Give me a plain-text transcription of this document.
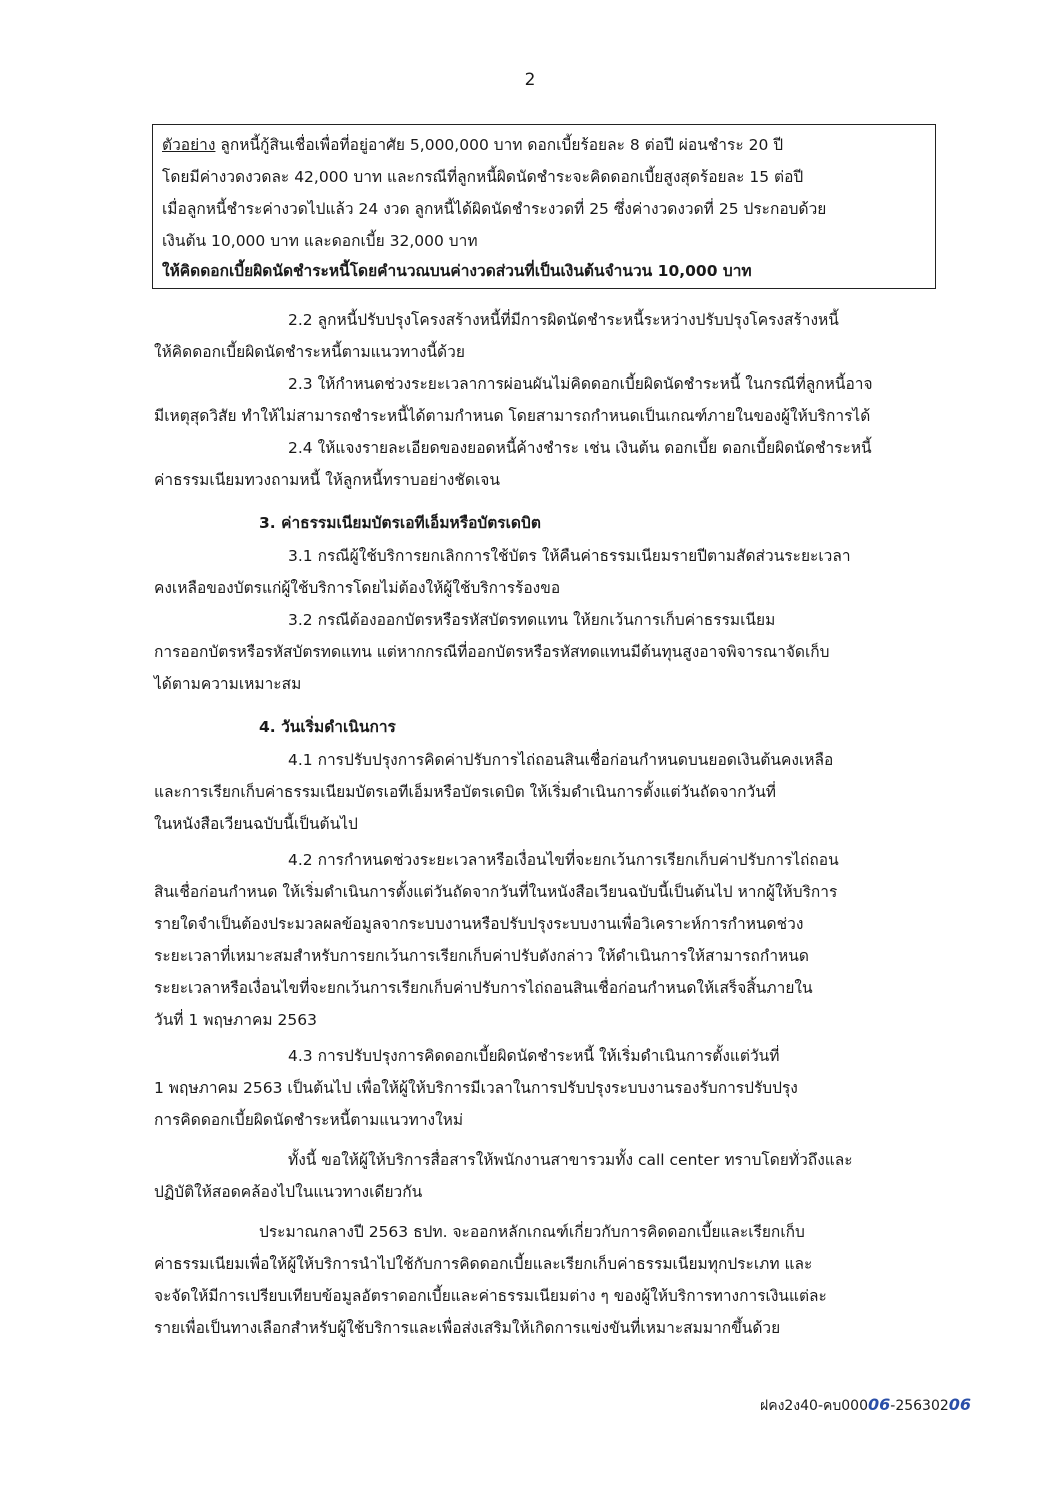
2
ตัวอย่าง ลูกหนี้กู้สินเชื่อเพื่อที่อยู่อาศัย 5,000,000 บาท ดอกเบี้ยร้อยละ 8 ต่อปี ผ่อนชำระ 20 ปี
โดยมีค่างวดงวดละ 42,000 บาท และกรณีที่ลูกหนี้ผิดนัดชำระจะคิดดอกเบี้ยสูงสุดร้อยละ 15 ต่อปี
เมื่อลูกหนี้ชำระค่างวดไปแล้ว 24 งวด ลูกหนี้ได้ผิดนัดชำระงวดที่ 25 ซึ่งค่างวดงวดที่ 25 ประกอบด้วย
เงินต้น 10,000 บาท และดอกเบี้ย 32,000 บาท
ให้คิดดอกเบี้ยผิดนัดชำระหนี้โดยคำนวณบนค่างวดส่วนที่เป็นเงินต้นจำนวน 10,000 บาท
2.2 ลูกหนี้ปรับปรุงโครงสร้างหนี้ที่มีการผิดนัดชำระหนี้ระหว่างปรับปรุงโครงสร้างหนี้
ให้คิดดอกเบี้ยผิดนัดชำระหนี้ตามแนวทางนี้ด้วย
2.3 ให้กำหนดช่วงระยะเวลาการผ่อนผันไม่คิดดอกเบี้ยผิดนัดชำระหนี้ ในกรณีที่ลูกหนี้อาจ
มีเหตุสุดวิสัย ทำให้ไม่สามารถชำระหนี้ได้ตามกำหนด โดยสามารถกำหนดเป็นเกณฑ์ภายในของผู้ให้บริการได้
2.4 ให้แจงรายละเอียดของยอดหนี้ค้างชำระ เช่น เงินต้น ดอกเบี้ย ดอกเบี้ยผิดนัดชำระหนี้
ค่าธรรมเนียมทวงถามหนี้ ให้ลูกหนี้ทราบอย่างชัดเจน
3. ค่าธรรมเนียมบัตรเอทีเอ็มหรือบัตรเดบิต
3.1 กรณีผู้ใช้บริการยกเลิกการใช้บัตร ให้คืนค่าธรรมเนียมรายปีตามสัดส่วนระยะเวลา
คงเหลือของบัตรแก่ผู้ใช้บริการโดยไม่ต้องให้ผู้ใช้บริการร้องขอ
3.2 กรณีต้องออกบัตรหรือรหัสบัตรทดแทน ให้ยกเว้นการเก็บค่าธรรมเนียม
การออกบัตรหรือรหัสบัตรทดแทน แต่หากกรณีที่ออกบัตรหรือรหัสทดแทนมีต้นทุนสูงอาจพิจารณาจัดเก็บ
ได้ตามความเหมาะสม
4. วันเริ่มดำเนินการ
4.1 การปรับปรุงการคิดค่าปรับการไถ่ถอนสินเชื่อก่อนกำหนดบนยอดเงินต้นคงเหลือ
และการเรียกเก็บค่าธรรมเนียมบัตรเอทีเอ็มหรือบัตรเดบิต ให้เริ่มดำเนินการตั้งแต่วันถัดจากวันที่
ในหนังสือเวียนฉบับนี้เป็นต้นไป
4.2 การกำหนดช่วงระยะเวลาหรือเงื่อนไขที่จะยกเว้นการเรียกเก็บค่าปรับการไถ่ถอน
สินเชื่อก่อนกำหนด ให้เริ่มดำเนินการตั้งแต่วันถัดจากวันที่ในหนังสือเวียนฉบับนี้เป็นต้นไป หากผู้ให้บริการ
รายใดจำเป็นต้องประมวลผลข้อมูลจากระบบงานหรือปรับปรุงระบบงานเพื่อวิเคราะห์การกำหนดช่วง
ระยะเวลาที่เหมาะสมสำหรับการยกเว้นการเรียกเก็บค่าปรับดังกล่าว ให้ดำเนินการให้สามารถกำหนด
ระยะเวลาหรือเงื่อนไขที่จะยกเว้นการเรียกเก็บค่าปรับการไถ่ถอนสินเชื่อก่อนกำหนดให้เสร็จสิ้นภายใน
วันที่ 1 พฤษภาคม 2563
4.3 การปรับปรุงการคิดดอกเบี้ยผิดนัดชำระหนี้ ให้เริ่มดำเนินการตั้งแต่วันที่
1 พฤษภาคม 2563 เป็นต้นไป เพื่อให้ผู้ให้บริการมีเวลาในการปรับปรุงระบบงานรองรับการปรับปรุง
การคิดดอกเบี้ยผิดนัดชำระหนี้ตามแนวทางใหม่
ทั้งนี้ ขอให้ผู้ให้บริการสื่อสารให้พนักงานสาขารวมทั้ง call center ทราบโดยทั่วถึงและ
ปฏิบัติให้สอดคล้องไปในแนวทางเดียวกัน
ประมาณกลางปี 2563 ธปท. จะออกหลักเกณฑ์เกี่ยวกับการคิดดอกเบี้ยและเรียกเก็บ
ค่าธรรมเนียมเพื่อให้ผู้ให้บริการนำไปใช้กับการคิดดอกเบี้ยและเรียกเก็บค่าธรรมเนียมทุกประเภท และ
จะจัดให้มีการเปรียบเทียบข้อมูลอัตราดอกเบี้ยและค่าธรรมเนียมต่าง ๆ ของผู้ให้บริการทางการเงินแต่ละ
รายเพื่อเป็นทางเลือกสำหรับผู้ใช้บริการและเพื่อส่งเสริมให้เกิดการแข่งขันที่เหมาะสมมากขึ้นด้วย
ฝคง2ง40-คบ00006-25630206
